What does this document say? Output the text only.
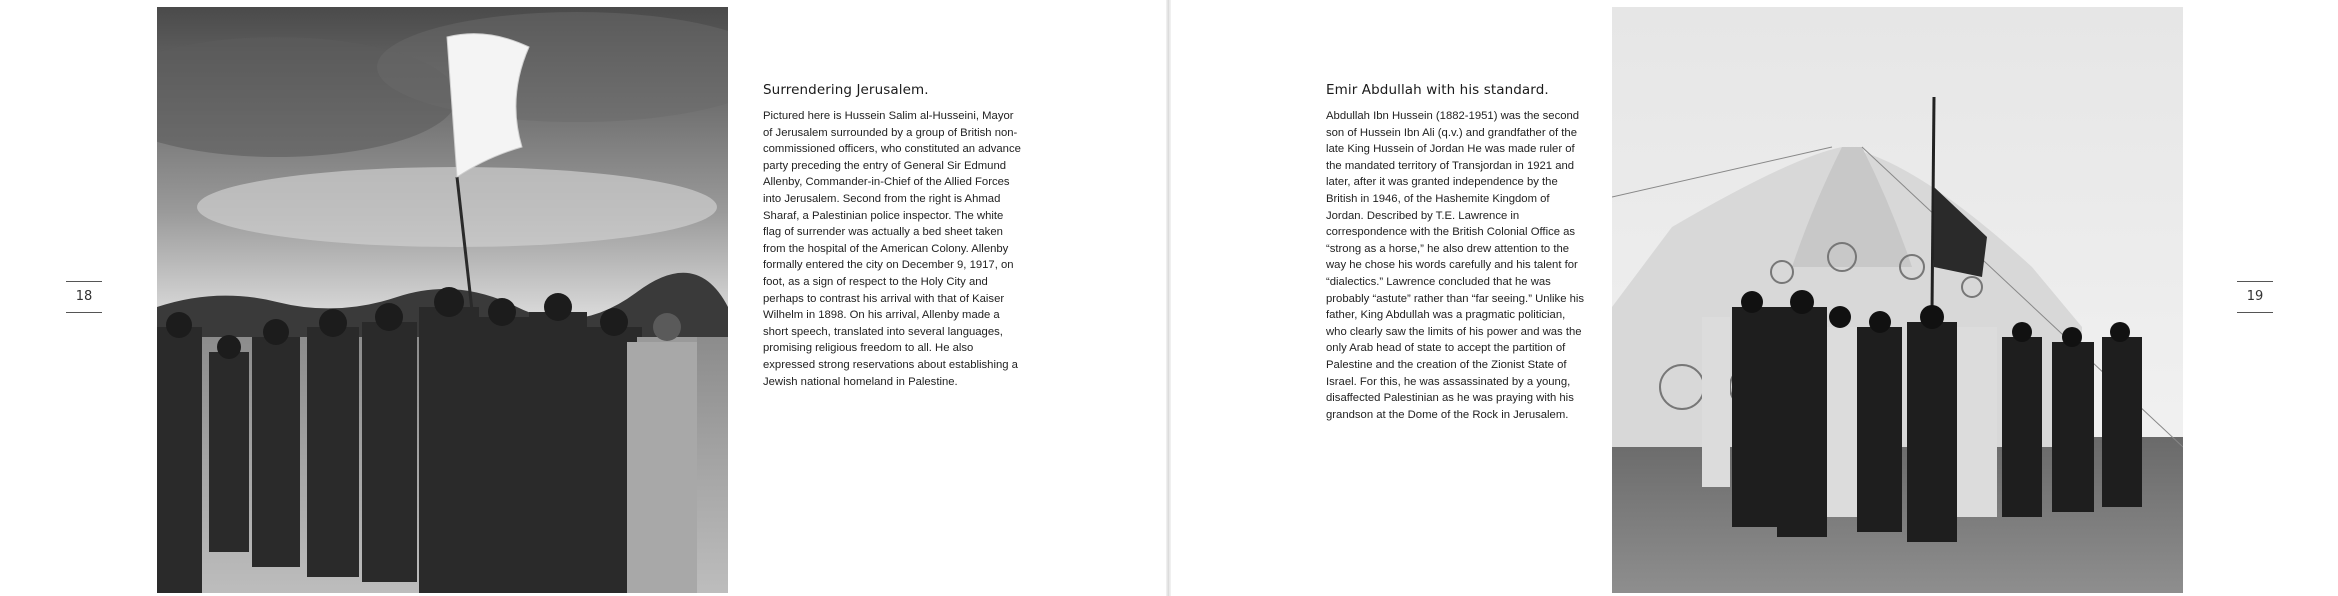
18
Surrendering Jerusalem.

Pictured here is Hussein Salim al-Husseini, Mayor of Jerusalem surrounded by a group of British non-commissioned officers, who constituted an advance party preceding the entry of General Sir Edmund Allenby, Commander-in-Chief of the Allied Forces into Jerusalem. Second from the right is Ahmad Sharaf, a Palestinian police inspector. The white flag of surrender was actually a bed sheet taken from the hospital of the American Colony. Allenby formally entered the city on December 9, 1917, on foot, as a sign of respect to the Holy City and perhaps to contrast his arrival with that of Kaiser Wilhelm in 1898. On his arrival, Allenby made a short speech, translated into several languages, promising religious freedom to all. He also expressed strong reservations about establishing a Jewish national homeland in Palestine.

Emir Abdullah with his standard.

Abdullah Ibn Hussein (1882-1951) was the second son of Hussein Ibn Ali (q.v.) and grandfather of the late King Hussein of Jordan He was made ruler of the mandated territory of Transjordan in 1921 and later, after it was granted independence by the British in 1946, of the Hashemite Kingdom of Jordan. Described by T.E. Lawrence in correspondence with the British Colonial Office as “strong as a horse,” he also drew attention to the way he chose his words carefully and his talent for “dialectics.” Lawrence concluded that he was probably “astute” rather than “far seeing.” Unlike his father, King Abdullah was a pragmatic politician, who clearly saw the limits of his power and was the only Arab head of state to accept the partition of Palestine and the creation of the Zionist State of Israel. For this, he was assassinated by a young, disaffected Palestinian as he was praying with his grandson at the Dome of the Rock in Jerusalem.

19
